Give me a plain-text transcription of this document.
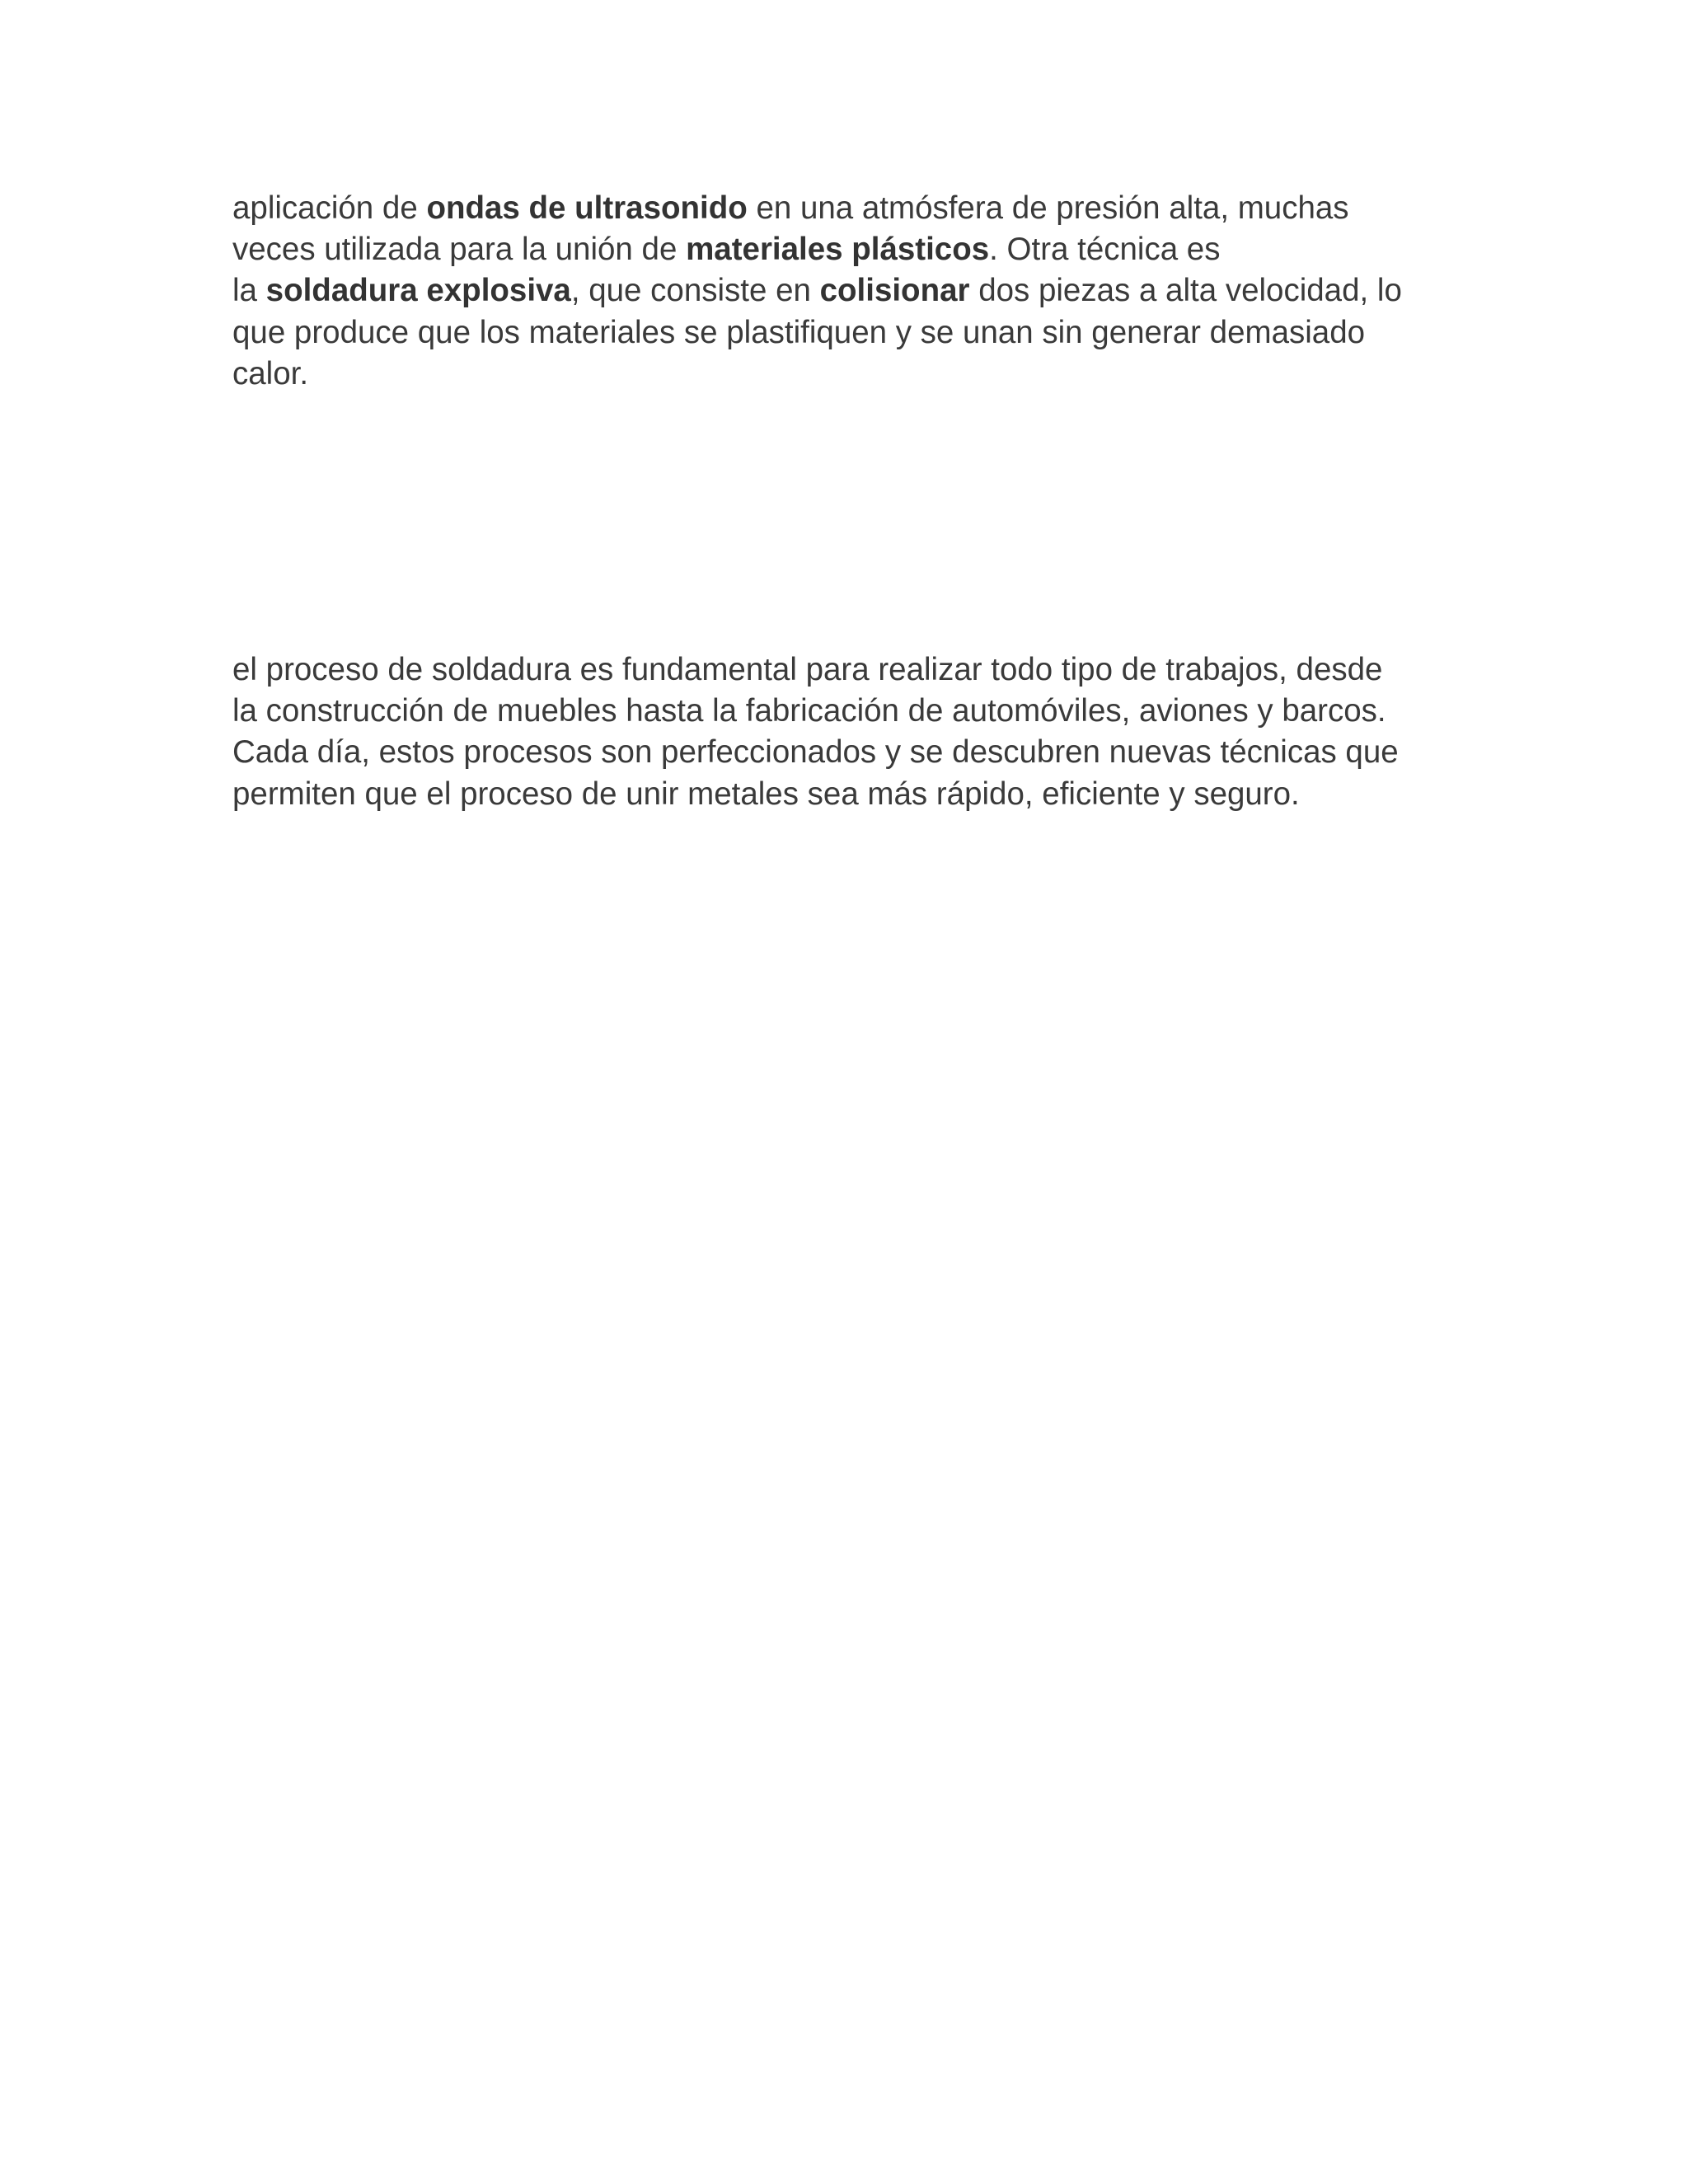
aplicación de ondas de ultrasonido en una atmósfera de presión alta, muchas
veces utilizada para la unión de materiales plásticos. Otra técnica es
la soldadura explosiva, que consiste en colisionar dos piezas a alta velocidad, lo
que produce que los materiales se plastifiquen y se unan sin generar demasiado
calor.

el proceso de soldadura es fundamental para realizar todo tipo de trabajos, desde
la construcción de muebles hasta la fabricación de automóviles, aviones y barcos.
Cada día, estos procesos son perfeccionados y se descubren nuevas técnicas que
permiten que el proceso de unir metales sea más rápido, eficiente y seguro.
